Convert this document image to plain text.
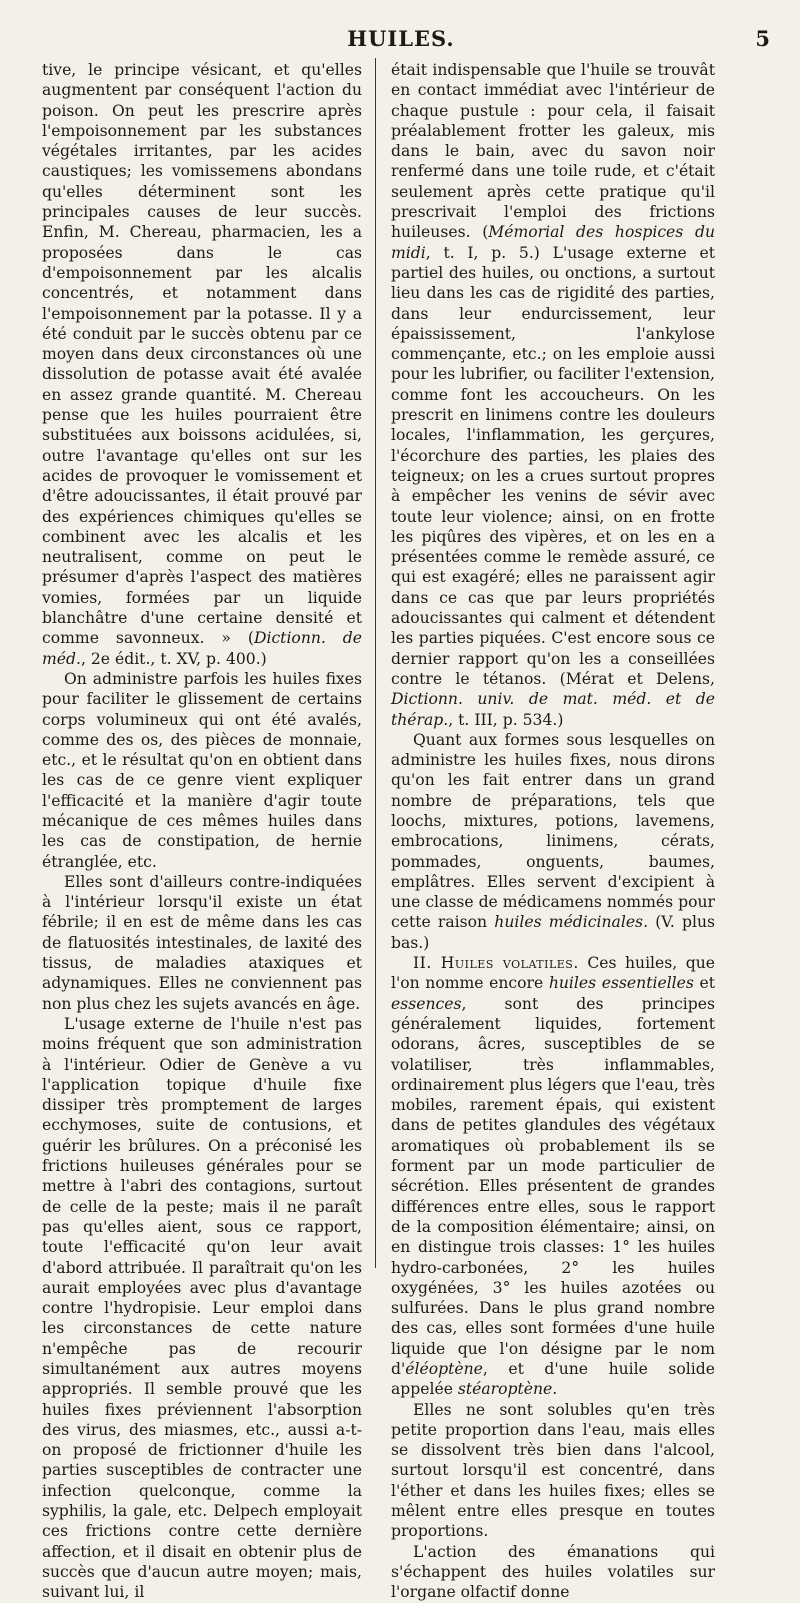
HUILES.	5

tive, le principe vésicant, et qu'elles augmentent par conséquent l'action du poison. On peut les prescrire après l'empoisonnement par les substances végétales irritantes, par les acides caustiques; les vomissemens abondans qu'elles déterminent sont les principales causes de leur succès. Enfin, M. Chereau, pharmacien, les a proposées dans le cas d'empoisonnement par les alcalis concentrés, et notamment dans l'empoisonnement par la potasse. Il y a été conduit par le succès obtenu par ce moyen dans deux circonstances où une dissolution de potasse avait été avalée en assez grande quantité. M. Chereau pense que les huiles pourraient être substituées aux boissons acidulées, si, outre l'avantage qu'elles ont sur les acides de provoquer le vomissement et d'être adoucissantes, il était prouvé par des expériences chimiques qu'elles se combinent avec les alcalis et les neutralisent, comme on peut le présumer d'après l'aspect des matières vomies, formées par un liquide blanchâtre d'une certaine densité et comme savonneux. » (Dictionn. de méd., 2e édit., t. XV, p. 400.)

On administre parfois les huiles fixes pour faciliter le glissement de certains corps volumineux qui ont été avalés, comme des os, des pièces de monnaie, etc., et le résultat qu'on en obtient dans les cas de ce genre vient expliquer l'efficacité et la manière d'agir toute mécanique de ces mêmes huiles dans les cas de constipation, de hernie étranglée, etc.

Elles sont d'ailleurs contre-indiquées à l'intérieur lorsqu'il existe un état fébrile; il en est de même dans les cas de flatuosités intestinales, de laxité des tissus, de maladies ataxiques et adynamiques. Elles ne conviennent pas non plus chez les sujets avancés en âge.

L'usage externe de l'huile n'est pas moins fréquent que son administration à l'intérieur. Odier de Genève a vu l'application topique d'huile fixe dissiper très promptement de larges ecchymoses, suite de contusions, et guérir les brûlures. On a préconisé les frictions huileuses générales pour se mettre à l'abri des contagions, surtout de celle de la peste; mais il ne paraît pas qu'elles aient, sous ce rapport, toute l'efficacité qu'on leur avait d'abord attribuée. Il paraîtrait qu'on les aurait employées avec plus d'avantage contre l'hydropisie. Leur emploi dans les circonstances de cette nature n'empêche pas de recourir simultanément aux autres moyens appropriés. Il semble prouvé que les huiles fixes préviennent l'absorption des virus, des miasmes, etc., aussi a-t-on proposé de frictionner d'huile les parties susceptibles de contracter une infection quelconque, comme la syphilis, la gale, etc. Delpech employait ces frictions contre cette dernière affection, et il disait en obtenir plus de succès que d'aucun autre moyen; mais, suivant lui, il

était indispensable que l'huile se trouvât en contact immédiat avec l'intérieur de chaque pustule : pour cela, il faisait préalablement frotter les galeux, mis dans le bain, avec du savon noir renfermé dans une toile rude, et c'était seulement après cette pratique qu'il prescrivait l'emploi des frictions huileuses. (Mémorial des hospices du midi, t. I, p. 5.) L'usage externe et partiel des huiles, ou onctions, a surtout lieu dans les cas de rigidité des parties, dans leur endurcissement, leur épaississement, l'ankylose commençante, etc.; on les emploie aussi pour les lubrifier, ou faciliter l'extension, comme font les accoucheurs. On les prescrit en linimens contre les douleurs locales, l'inflammation, les gerçures, l'écorchure des parties, les plaies des teigneux; on les a crues surtout propres à empêcher les venins de sévir avec toute leur violence; ainsi, on en frotte les piqûres des vipères, et on les en a présentées comme le remède assuré, ce qui est exagéré; elles ne paraissent agir dans ce cas que par leurs propriétés adoucissantes qui calment et détendent les parties piquées. C'est encore sous ce dernier rapport qu'on les a conseillées contre le tétanos. (Mérat et Delens, Dictionn. univ. de mat. méd. et de thérap., t. III, p. 534.)

Quant aux formes sous lesquelles on administre les huiles fixes, nous dirons qu'on les fait entrer dans un grand nombre de préparations, tels que loochs, mixtures, potions, lavemens, embrocations, linimens, cérats, pommades, onguents, baumes, emplâtres. Elles servent d'excipient à une classe de médicamens nommés pour cette raison huiles médicinales. (V. plus bas.)

II. Huiles volatiles. Ces huiles, que l'on nomme encore huiles essentielles et essences, sont des principes généralement liquides, fortement odorans, âcres, susceptibles de se volatiliser, très inflammables, ordinairement plus légers que l'eau, très mobiles, rarement épais, qui existent dans de petites glandules des végétaux aromatiques où probablement ils se forment par un mode particulier de sécrétion. Elles présentent de grandes différences entre elles, sous le rapport de la composition élémentaire; ainsi, on en distingue trois classes: 1° les huiles hydro-carbonées, 2° les huiles oxygénées, 3° les huiles azotées ou sulfurées. Dans le plus grand nombre des cas, elles sont formées d'une huile liquide que l'on désigne par le nom d'éléoptène, et d'une huile solide appelée stéaroptène.

Elles ne sont solubles qu'en très petite proportion dans l'eau, mais elles se dissolvent très bien dans l'alcool, surtout lorsqu'il est concentré, dans l'éther et dans les huiles fixes; elles se mêlent entre elles presque en toutes proportions.

L'action des émanations qui s'échappent des huiles volatiles sur l'organe olfactif donne
